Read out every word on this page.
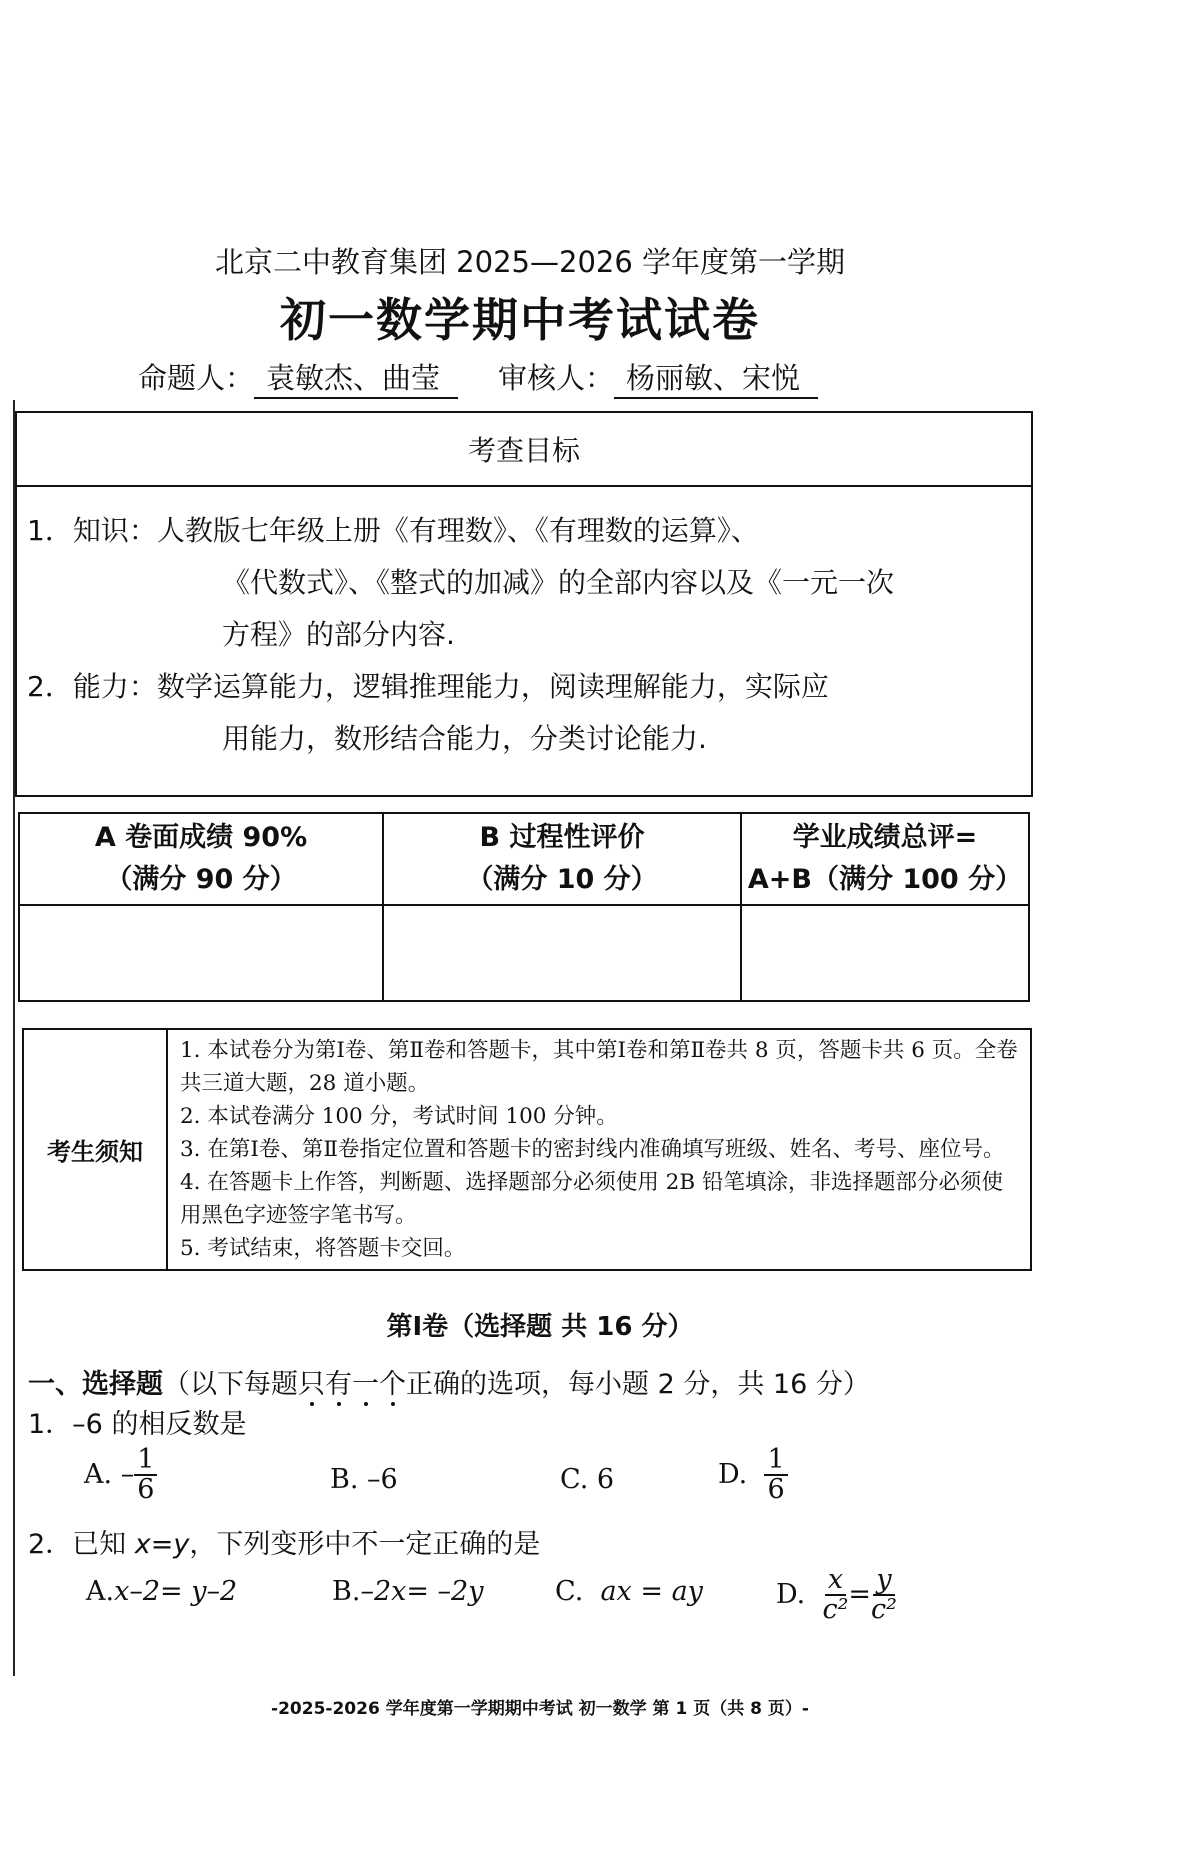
北京二中教育集团 2025—2026 学年度第一学期
初一数学期中考试试卷
命题人： 袁敏杰、曲莹 审核人： 杨丽敏、宋悦
考查目标

1．知识：人教版七年级上册《有理数》、《有理数的运算》、
《代数式》、《整式的加减》的全部内容以及《一元一次
方程》的部分内容.
2．能力：数学运算能力，逻辑推理能力，阅读理解能力，实际应
用能力，数形结合能力，分类讨论能力.
A 卷面成绩 90%
（满分 90 分）

B 过程性评价
（满分 10 分）

学业成绩总评=
A+B（满分 100 分）

考生须知	
1. 本试卷分为第Ⅰ卷、第Ⅱ卷和答题卡，其中第Ⅰ卷和第Ⅱ卷共 8 页，答题卡共 6 页。全卷共三道大题，28 道小题。
2. 本试卷满分 100 分，考试时间 100 分钟。
3. 在第Ⅰ卷、第Ⅱ卷指定位置和答题卡的密封线内准确填写班级、姓名、考号、座位号。
4. 在答题卡上作答，判断题、选择题部分必须使用 2B 铅笔填涂，非选择题部分必须使用黑色字迹签字笔书写。
5. 考试结束，将答题卡交回。
第Ⅰ卷（选择题 共 16 分）
一、选择题（以下每题只有一个正确的选项，每小题 2 分，共 16 分）
1．–6 的相反数是
A. – $\frac{1}{6}$	B. –6	C. 6	D. $\frac{1}{6}$
2．已知 x=y，下列变形中不一定正确的是
A.x–2= y–2	B.–2x= –2y	C. ax = ay	D. $\frac{x}{\text{c²}} = \frac{y}{\text{c²}}$
-2025-2026 学年度第一学期期中考试 初一数学 第 1 页（共 8 页）-
